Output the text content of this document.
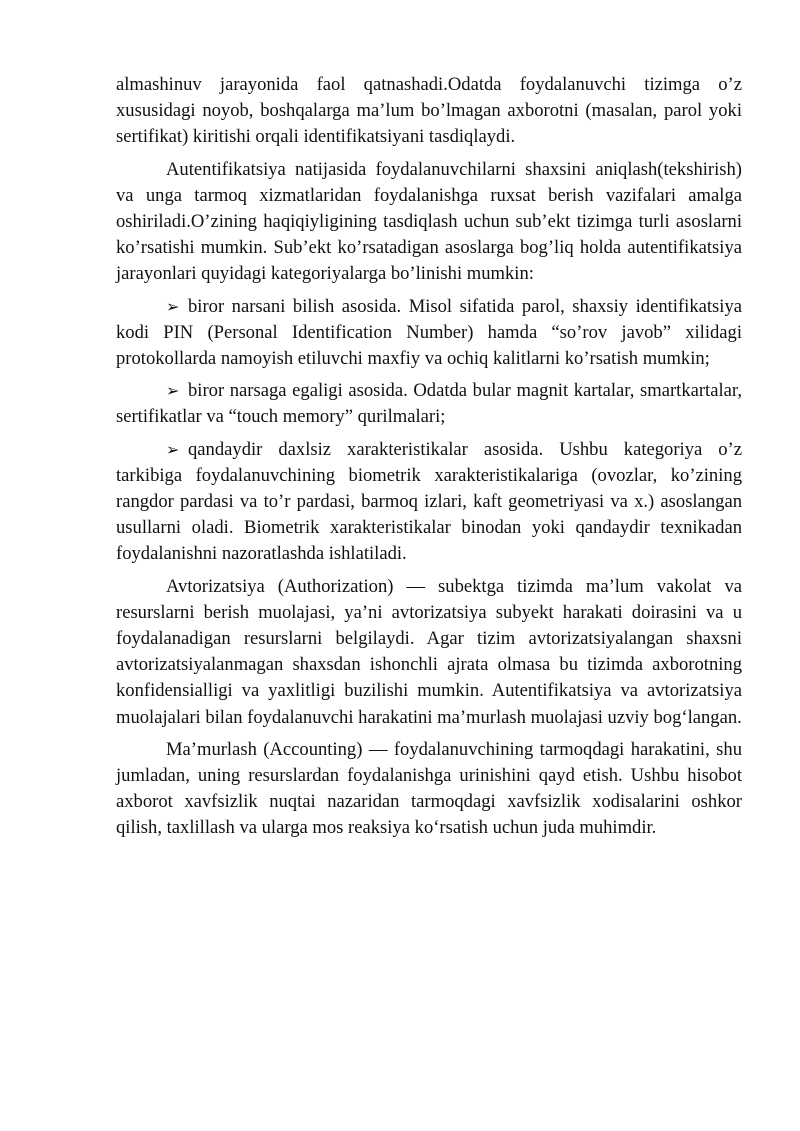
almashinuv jarayonida faol qatnashadi.Odatda foydalanuvchi tizimga o’z xususidagi noyob, boshqalarga ma’lum bo’lmagan axborotni (masalan, parol yoki sertifikat) kiritishi orqali identifikatsiyani tasdiqlaydi.

Autentifikatsiya natijasida foydalanuvchilarni shaxsini aniqlash(tekshirish) va unga tarmoq xizmatlaridan foydalanishga ruxsat berish vazifalari amalga oshiriladi.O’zining haqiqiyligining tasdiqlash uchun sub’ekt tizimga turli asoslarni ko’rsatishi mumkin. Sub’ekt ko’rsatadigan asoslarga bog’liq holda autentifikatsiya jarayonlari quyidagi kategoriyalarga bo’linishi mumkin:

➢ biror narsani bilish asosida. Misol sifatida parol, shaxsiy identifikatsiya kodi PIN (Personal Identification Number) hamda “so’rov javob” xilidagi protokollarda namoyish etiluvchi maxfiy va ochiq kalitlarni ko’rsatish mumkin;

➢ biror narsaga egaligi asosida. Odatda bular magnit kartalar, smartkartalar, sertifikatlar va “touch memory” qurilmalari;

➢ qandaydir daxlsiz xarakteristikalar asosida. Ushbu kategoriya o’z tarkibiga foydalanuvchining biometrik xarakteristikalariga (ovozlar, ko’zining rangdor pardasi va to’r pardasi, barmoq izlari, kaft geometriyasi va x.) asoslangan usullarni oladi. Biometrik xarakteristikalar binodan yoki qandaydir texnikadan foydalanishni nazoratlashda ishlatiladi.

Avtorizatsiya (Authorization) — subektga tizimda ma’lum vakolat va resurslarni berish muolajasi, ya’ni avtorizatsiya subyekt harakati doirasini va u foydalanadigan resurslarni belgilaydi. Agar tizim avtorizatsiyalangan shaxsni avtorizatsiyalanmagan shaxsdan ishonchli ajrata olmasa bu tizimda axborotning konfidensialligi va yaxlitligi buzilishi mumkin. Autentifikatsiya va avtorizatsiya muolajalari bilan foydalanuvchi harakatini ma’murlash muolajasi uzviy bog‘langan.

Ma’murlash (Accounting) — foydalanuvchining tarmoqdagi harakatini, shu jumladan, uning resurslardan foydalanishga urinishini qayd etish. Ushbu hisobot axborot xavfsizlik nuqtai nazaridan tarmoqdagi xavfsizlik xodisalarini oshkor qilish, taxlillash va ularga mos reaksiya ko‘rsatish uchun juda muhimdir.
